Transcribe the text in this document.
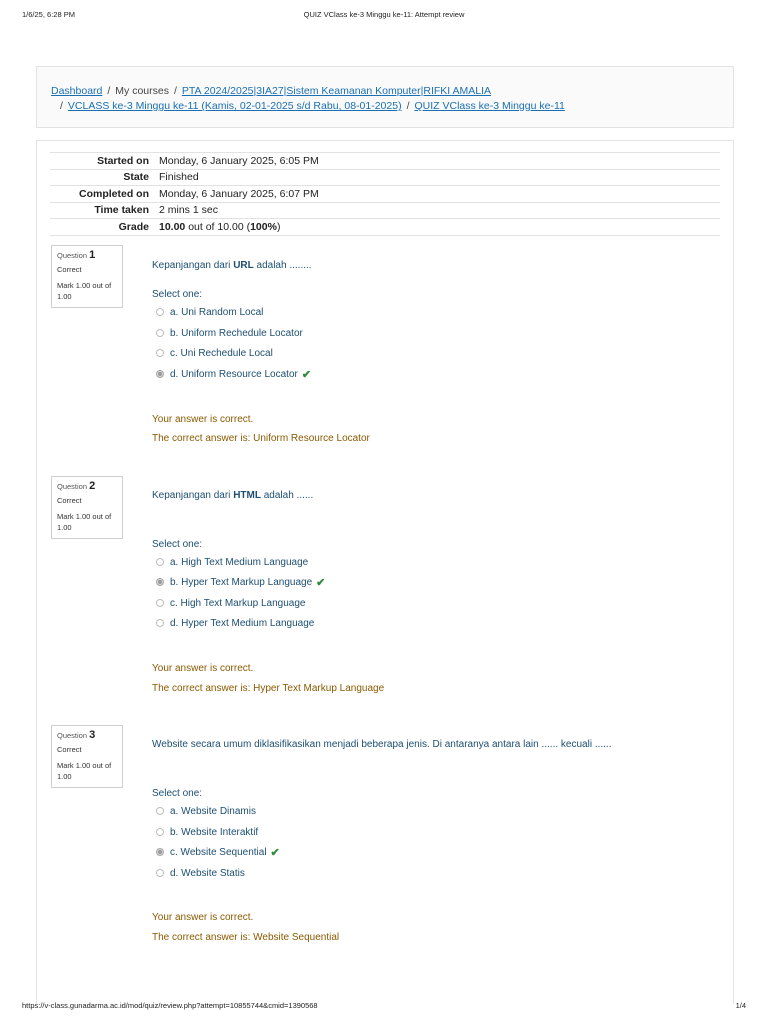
1/6/25, 6:28 PM	QUIZ VClass ke-3 Minggu ke-11: Attempt review
Dashboard / My courses / PTA 2024/2025|3IA27|Sistem Keamanan Komputer|RIFKI AMALIA
/ VCLASS ke-3 Minggu ke-11 (Kamis, 02-01-2025 s/d Rabu, 08-01-2025) / QUIZ VClass ke-3 Minggu ke-11
Started on	Monday, 6 January 2025, 6:05 PM
State	Finished
Completed on	Monday, 6 January 2025, 6:07 PM
Time taken	2 mins 1 sec
Grade	10.00 out of 10.00 (100%)
Question 1
Correct
Mark 1.00 out of 1.00
Kepanjangan dari URL adalah ........
Select one:
a. Uni Random Local
b. Uniform Rechedule Locator
c. Uni Rechedule Local
d. Uniform Resource Locator ✔
Your answer is correct.
The correct answer is: Uniform Resource Locator
Question 2
Correct
Mark 1.00 out of 1.00
Kepanjangan dari HTML adalah ......
Select one:
a. High Text Medium Language
b. Hyper Text Markup Language ✔
c. High Text Markup Language
d. Hyper Text Medium Language
Your answer is correct.
The correct answer is: Hyper Text Markup Language
Question 3
Correct
Mark 1.00 out of 1.00
Website secara umum diklasifikasikan menjadi beberapa jenis. Di antaranya antara lain ...... kecuali ......
Select one:
a. Website Dinamis
b. Website Interaktif
c. Website Sequential ✔
d. Website Statis
Your answer is correct.
The correct answer is: Website Sequential
https://v-class.gunadarma.ac.id/mod/quiz/review.php?attempt=10855744&cmid=1390568	1/4
